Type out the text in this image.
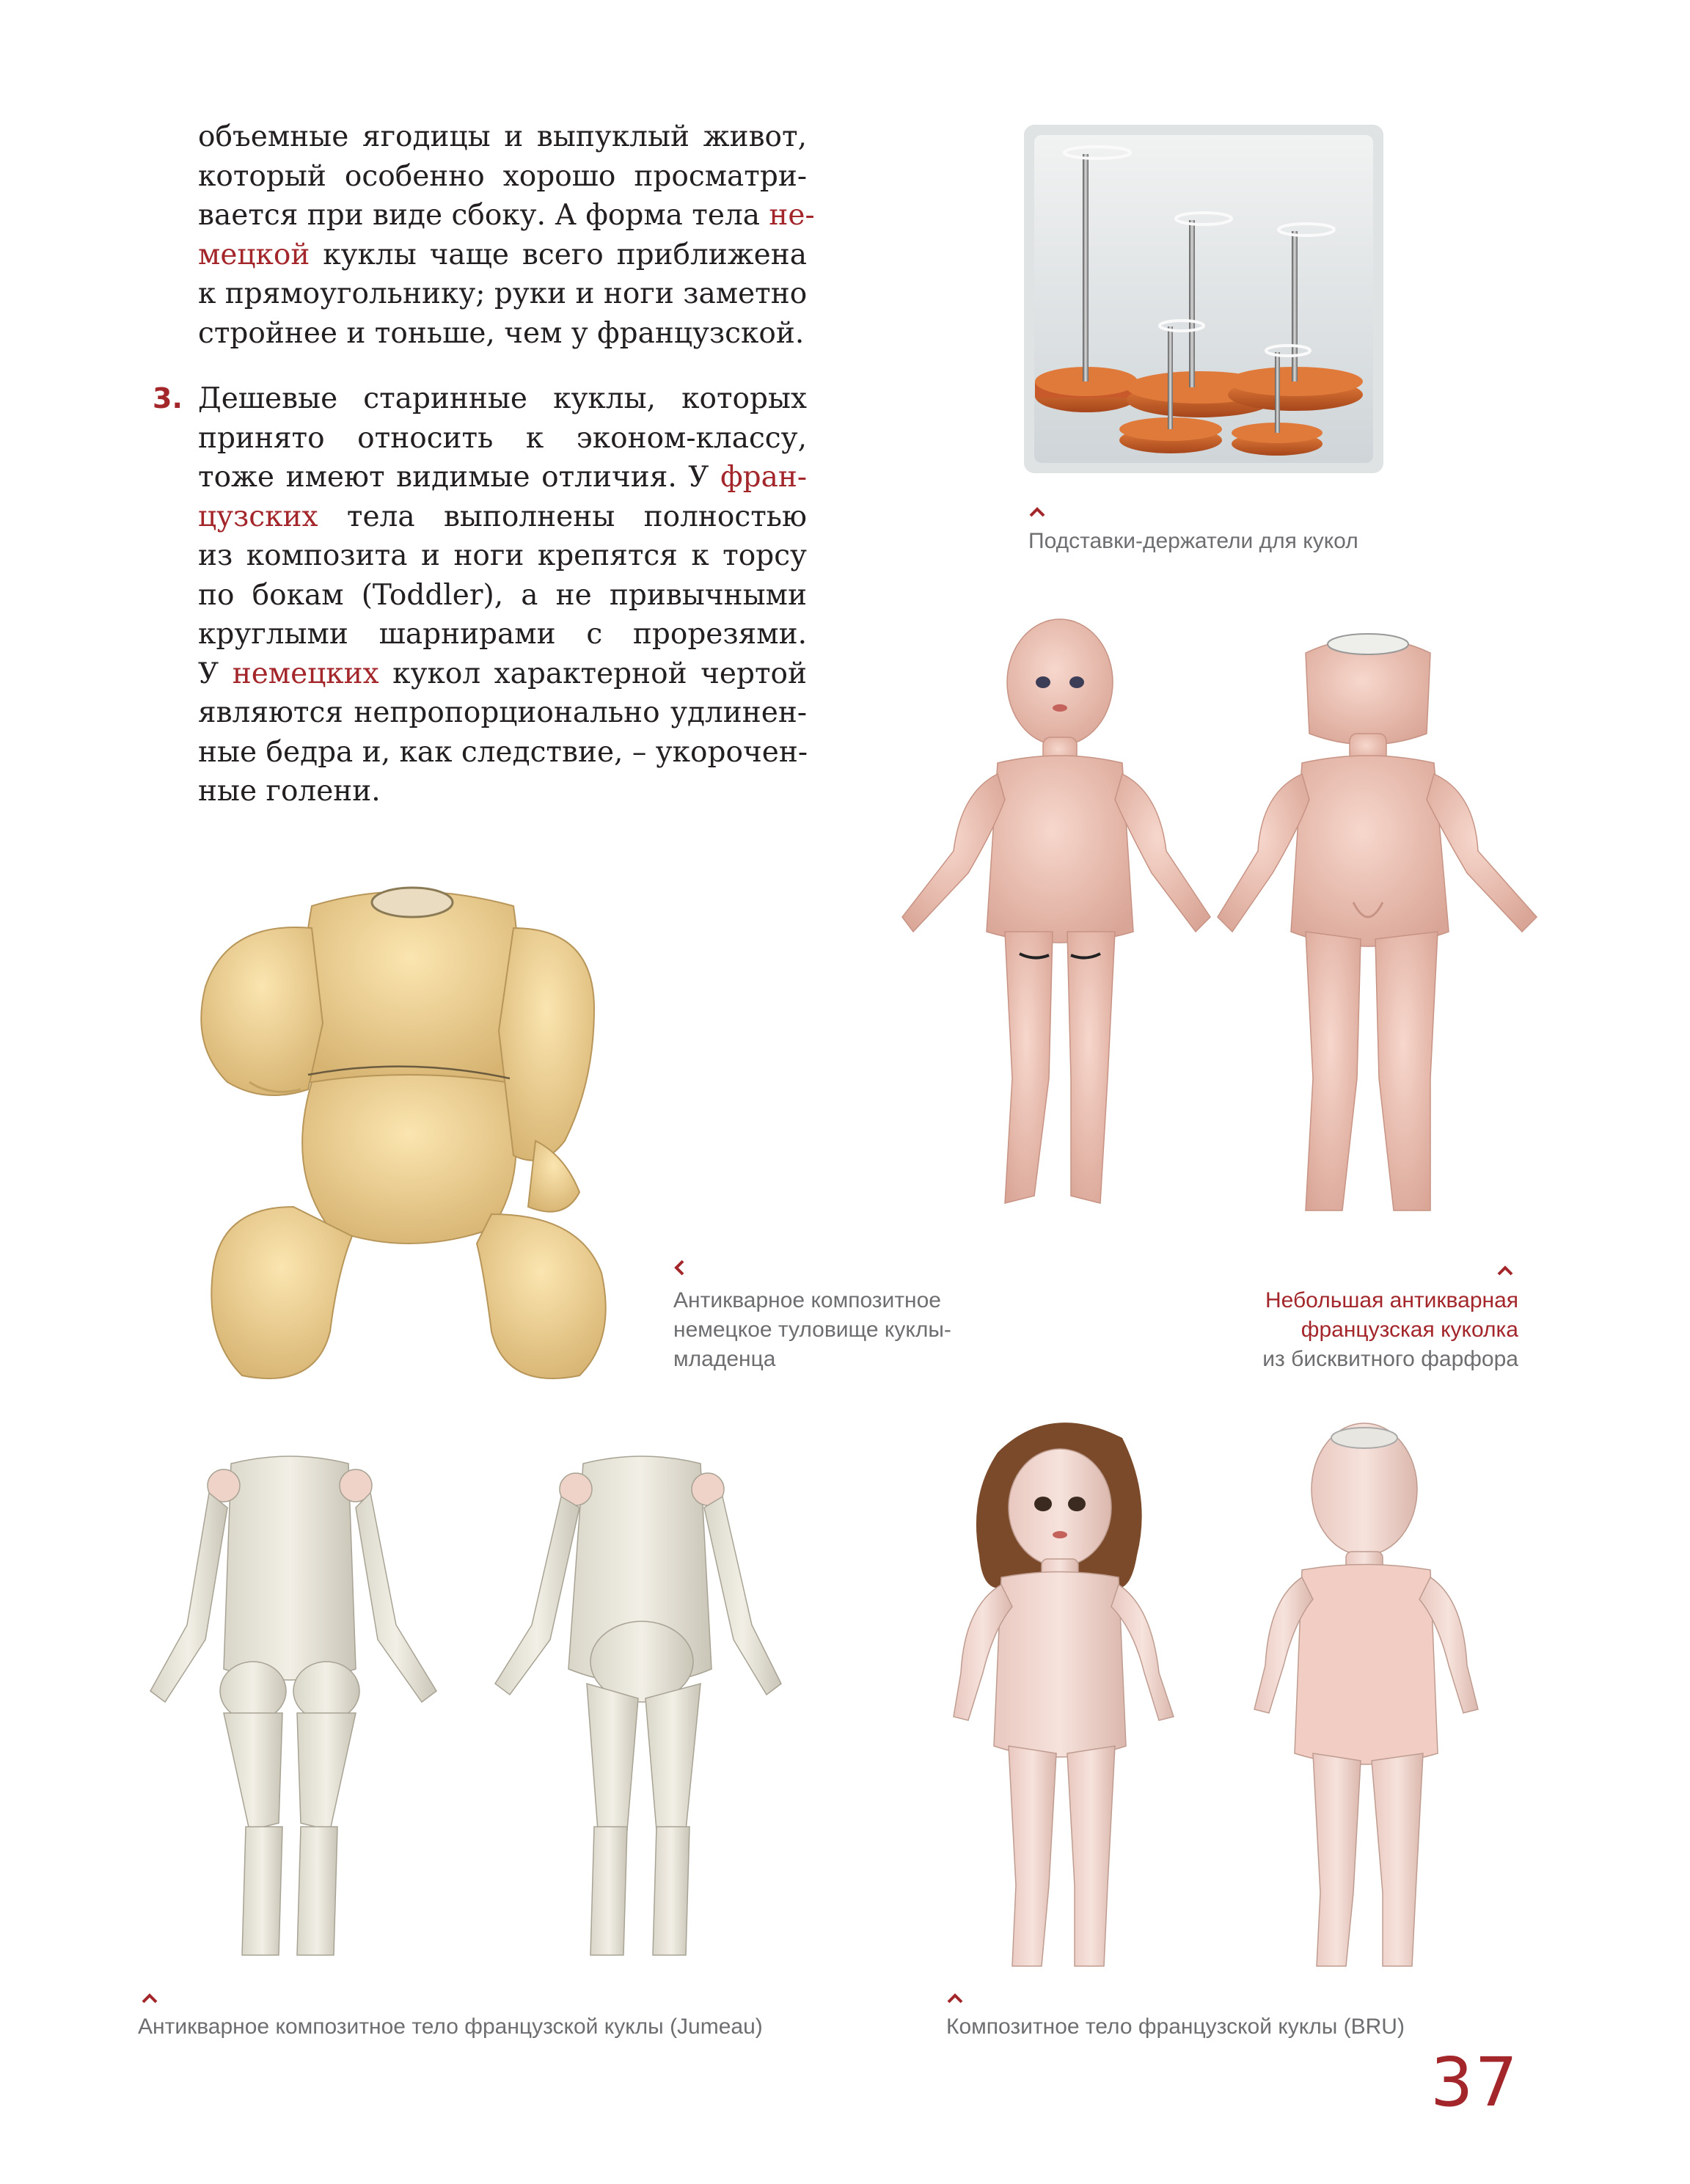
объемные ягодицы и выпуклый живот,
который особенно хорошо просматри-
вается при виде сбоку. А форма тела не-
мецкой куклы чаще всего приближена
к прямоугольнику; руки и ноги заметно
стройнее и тоньше, чем у французской.
3. Дешевые старинные куклы, которых
принято относить к эконом-классу,
тоже имеют видимые отличия. У фран-
цузских тела выполнены полностью
из композита и ноги крепятся к торсу
по бокам (Toddler), а не привычными
круглыми шарнирами с прорезями.
У немецких кукол характерной чертой
являются непропорционально удлинен-
ные бедра и, как следствие, – укорочен-
ные голени.
Подставки-держатели для кукол
Небольшая антикварная
французская куколка
из бисквитного фарфора
Антикварное композитное
немецкое туловище куклы-
младенца
Антикварное композитное тело французской куклы (Jumeau)	Композитное тело французской куклы (BRU)
37
